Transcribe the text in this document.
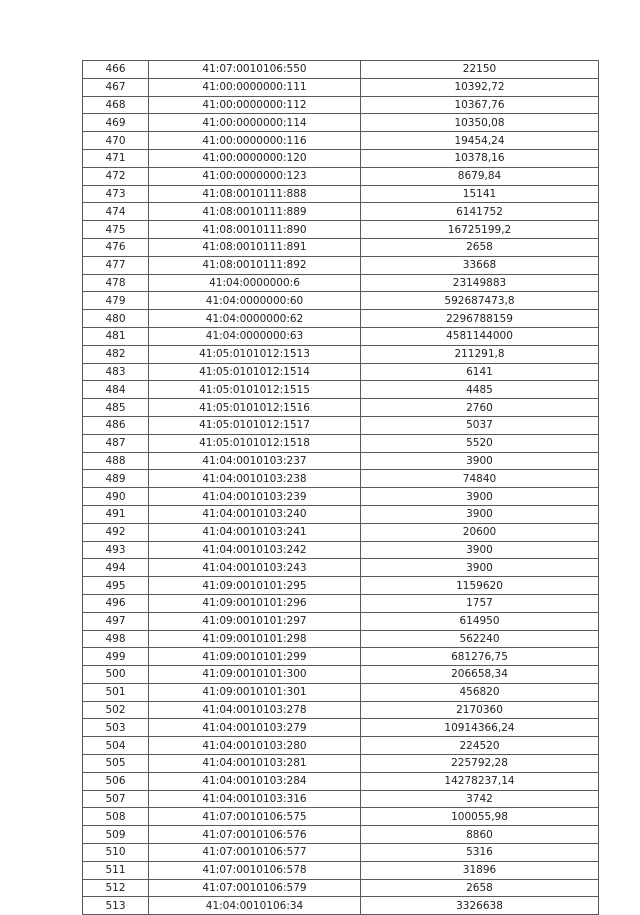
466	41:07:0010106:550	22150
467	41:00:0000000:111	10392,72
468	41:00:0000000:112	10367,76
469	41:00:0000000:114	10350,08
470	41:00:0000000:116	19454,24
471	41:00:0000000:120	10378,16
472	41:00:0000000:123	8679,84
473	41:08:0010111:888	15141
474	41:08:0010111:889	6141752
475	41:08:0010111:890	16725199,2
476	41:08:0010111:891	2658
477	41:08:0010111:892	33668
478	41:04:0000000:6	23149883
479	41:04:0000000:60	592687473,8
480	41:04:0000000:62	2296788159
481	41:04:0000000:63	4581144000
482	41:05:0101012:1513	211291,8
483	41:05:0101012:1514	6141
484	41:05:0101012:1515	4485
485	41:05:0101012:1516	2760
486	41:05:0101012:1517	5037
487	41:05:0101012:1518	5520
488	41:04:0010103:237	3900
489	41:04:0010103:238	74840
490	41:04:0010103:239	3900
491	41:04:0010103:240	3900
492	41:04:0010103:241	20600
493	41:04:0010103:242	3900
494	41:04:0010103:243	3900
495	41:09:0010101:295	1159620
496	41:09:0010101:296	1757
497	41:09:0010101:297	614950
498	41:09:0010101:298	562240
499	41:09:0010101:299	681276,75
500	41:09:0010101:300	206658,34
501	41:09:0010101:301	456820
502	41:04:0010103:278	2170360
503	41:04:0010103:279	10914366,24
504	41:04:0010103:280	224520
505	41:04:0010103:281	225792,28
506	41:04:0010103:284	14278237,14
507	41:04:0010103:316	3742
508	41:07:0010106:575	100055,98
509	41:07:0010106:576	8860
510	41:07:0010106:577	5316
511	41:07:0010106:578	31896
512	41:07:0010106:579	2658
513	41:04:0010106:34	3326638
